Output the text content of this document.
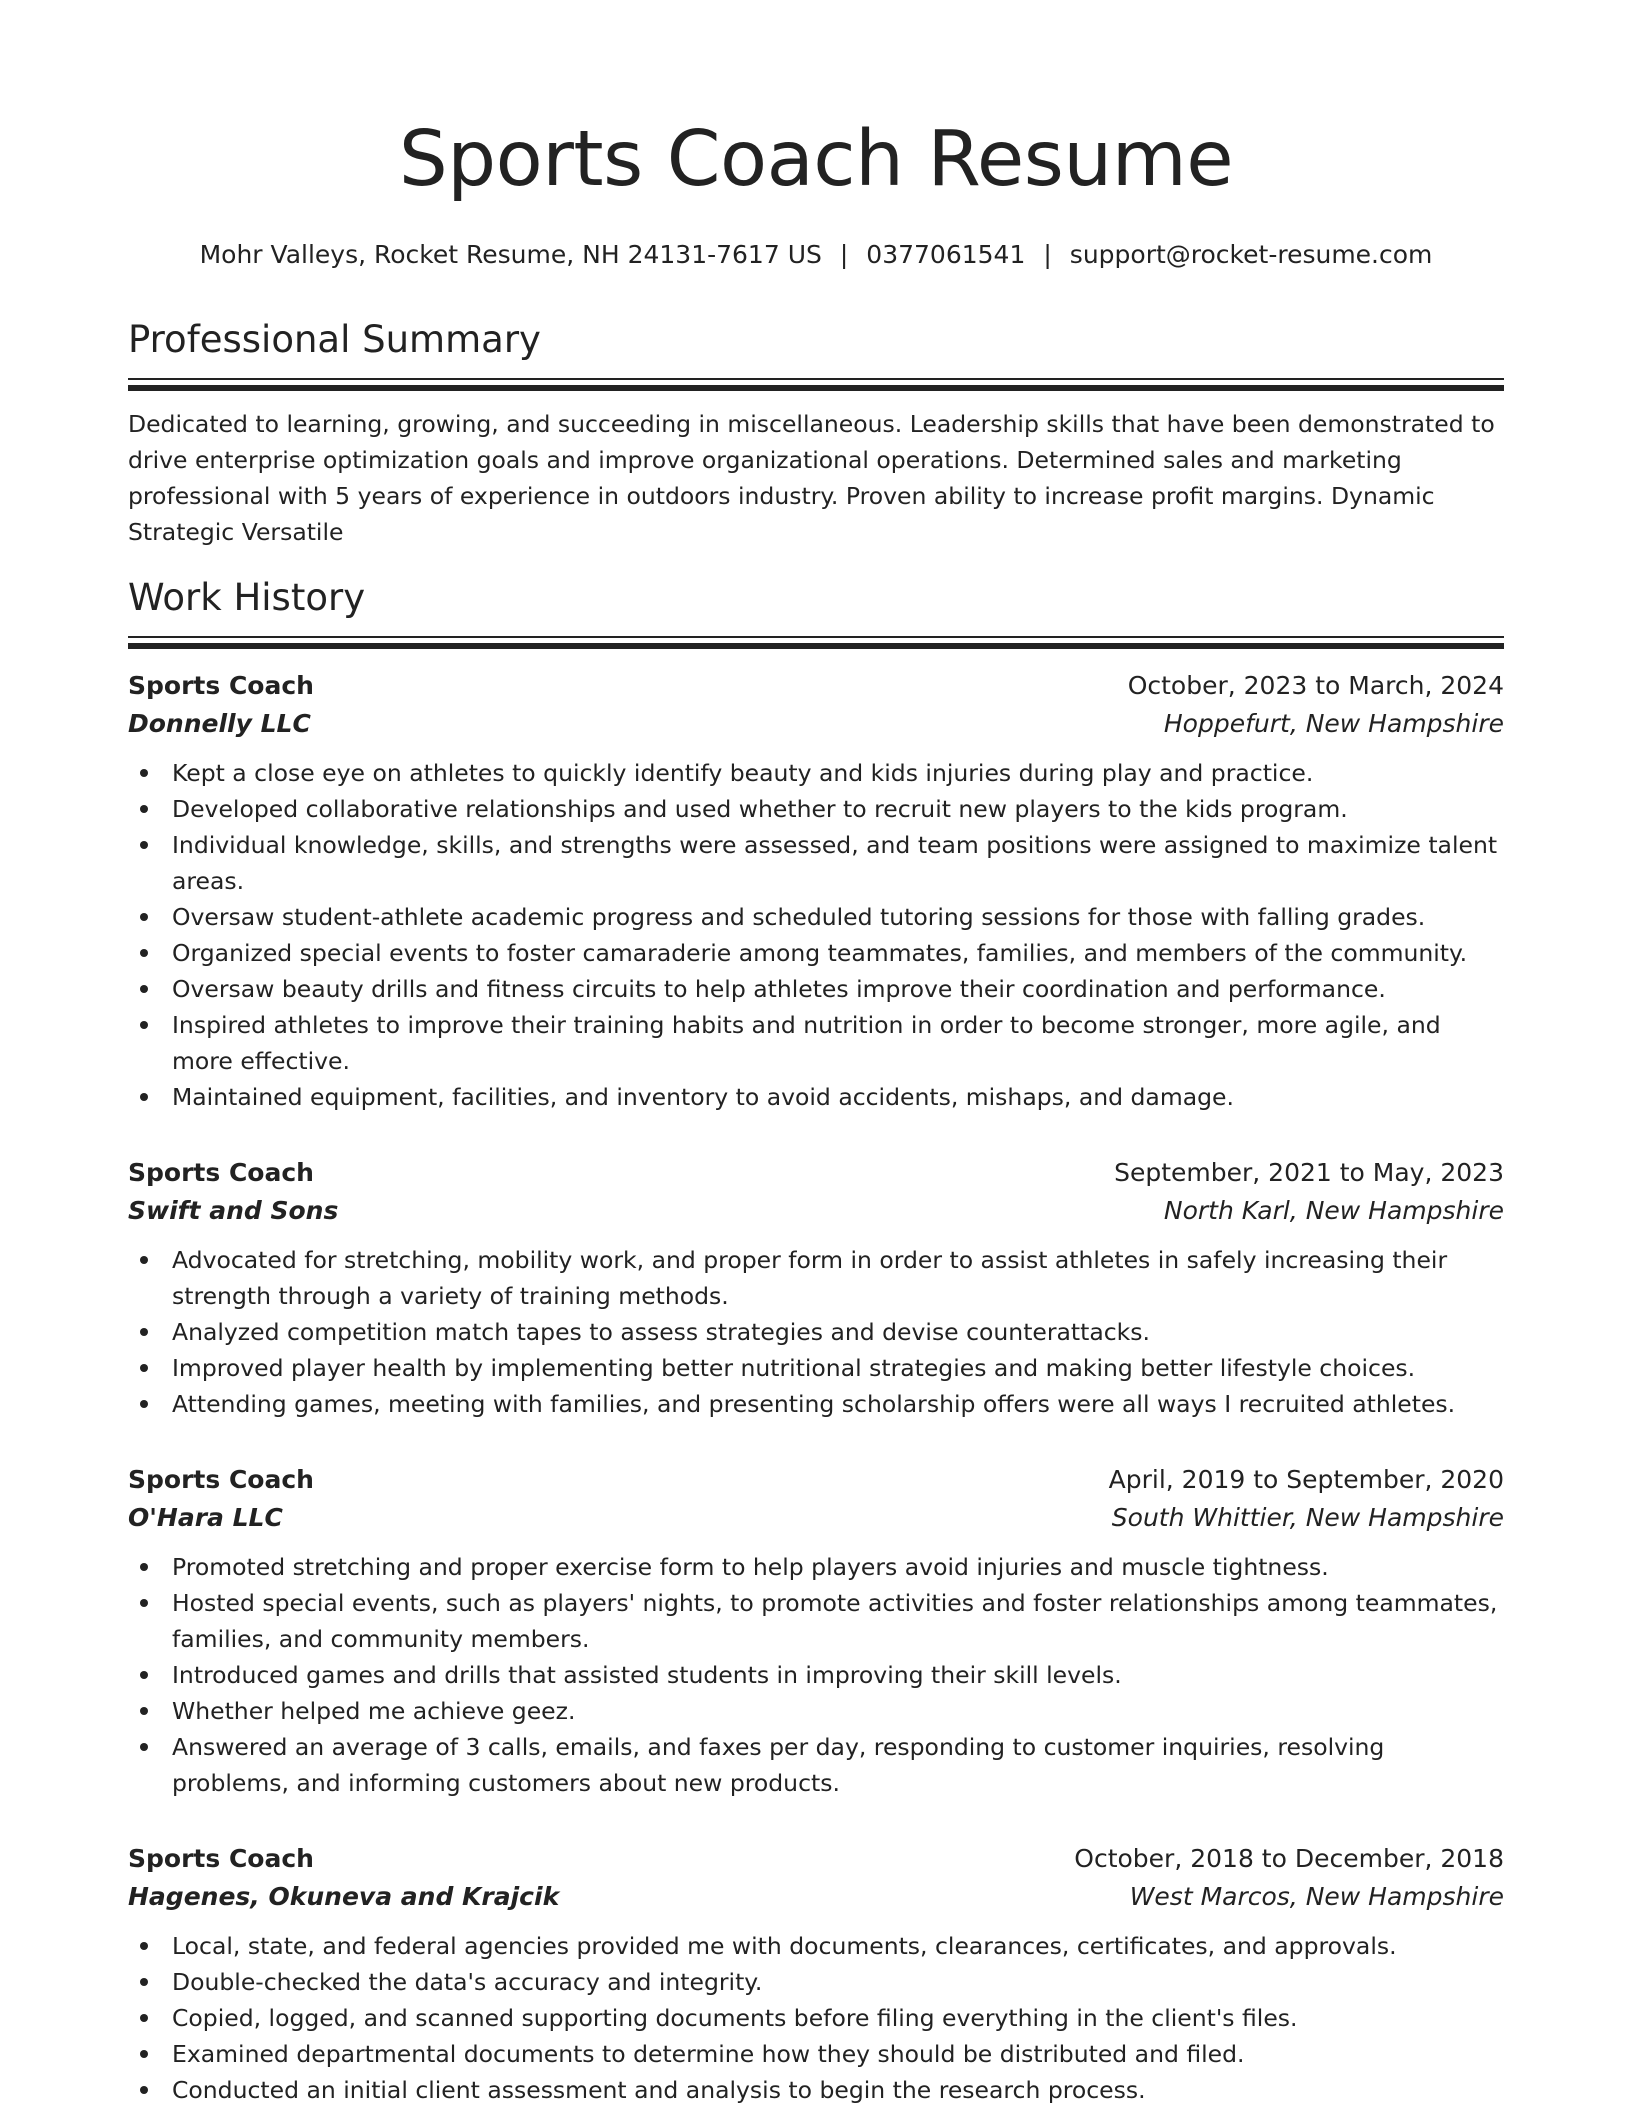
Sports Coach Resume
Mohr Valleys, Rocket Resume, NH 24131-7617 US | 0377061541 | support@rocket-resume.com
Professional Summary
Dedicated to learning, growing, and succeeding in miscellaneous. Leadership skills that have been demonstrated to drive enterprise optimization goals and improve organizational operations. Determined sales and marketing professional with 5 years of experience in outdoors industry. Proven ability to increase profit margins. Dynamic Strategic Versatile
Work History
Sports Coach	October, 2023 to March, 2024
Donnelly LLC	Hoppefurt, New Hampshire
Kept a close eye on athletes to quickly identify beauty and kids injuries during play and practice.
Developed collaborative relationships and used whether to recruit new players to the kids program.
Individual knowledge, skills, and strengths were assessed, and team positions were assigned to maximize talent areas.
Oversaw student-athlete academic progress and scheduled tutoring sessions for those with falling grades.
Organized special events to foster camaraderie among teammates, families, and members of the community.
Oversaw beauty drills and fitness circuits to help athletes improve their coordination and performance.
Inspired athletes to improve their training habits and nutrition in order to become stronger, more agile, and more effective.
Maintained equipment, facilities, and inventory to avoid accidents, mishaps, and damage.
Sports Coach	September, 2021 to May, 2023
Swift and Sons	North Karl, New Hampshire
Advocated for stretching, mobility work, and proper form in order to assist athletes in safely increasing their strength through a variety of training methods.
Analyzed competition match tapes to assess strategies and devise counterattacks.
Improved player health by implementing better nutritional strategies and making better lifestyle choices.
Attending games, meeting with families, and presenting scholarship offers were all ways I recruited athletes.
Sports Coach	April, 2019 to September, 2020
O'Hara LLC	South Whittier, New Hampshire
Promoted stretching and proper exercise form to help players avoid injuries and muscle tightness.
Hosted special events, such as players' nights, to promote activities and foster relationships among teammates, families, and community members.
Introduced games and drills that assisted students in improving their skill levels.
Whether helped me achieve geez.
Answered an average of 3 calls, emails, and faxes per day, responding to customer inquiries, resolving problems, and informing customers about new products.
Sports Coach	October, 2018 to December, 2018
Hagenes, Okuneva and Krajcik	West Marcos, New Hampshire
Local, state, and federal agencies provided me with documents, clearances, certificates, and approvals.
Double-checked the data's accuracy and integrity.
Copied, logged, and scanned supporting documents before filing everything in the client's files.
Examined departmental documents to determine how they should be distributed and filed.
Conducted an initial client assessment and analysis to begin the research process.
